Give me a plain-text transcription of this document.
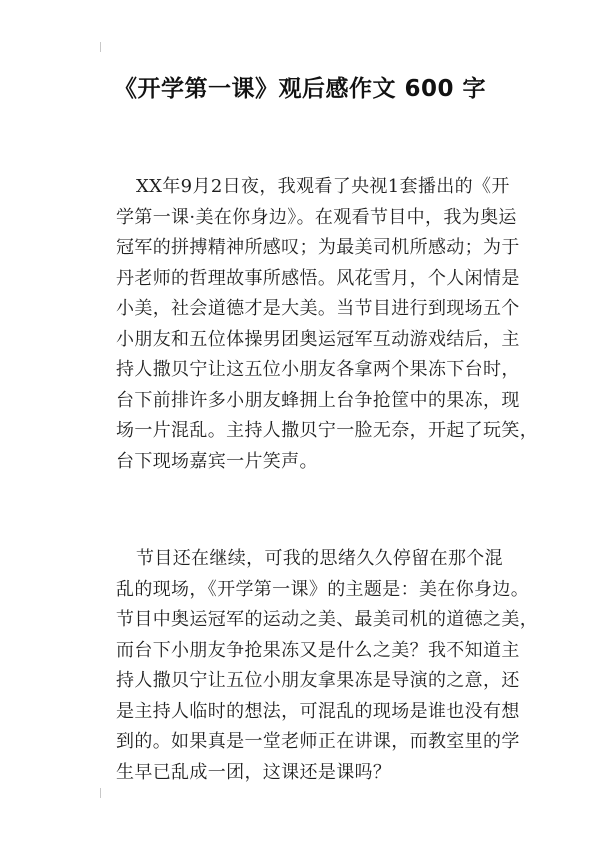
《开学第一课》观后感作文 600 字
XX年9月2日夜，我观看了央视1套播出的《开
学第一课·美在你身边》。在观看节目中，我为奥运
冠军的拼搏精神所感叹；为最美司机所感动；为于
丹老师的哲理故事所感悟。风花雪月，个人闲情是
小美，社会道德才是大美。当节目进行到现场五个
小朋友和五位体操男团奥运冠军互动游戏结后，主
持人撒贝宁让这五位小朋友各拿两个果冻下台时，
台下前排许多小朋友蜂拥上台争抢筐中的果冻，现
场一片混乱。主持人撒贝宁一脸无奈，开起了玩笑，
台下现场嘉宾一片笑声。
节目还在继续，可我的思绪久久停留在那个混
乱的现场，《开学第一课》的主题是：美在你身边。
节目中奥运冠军的运动之美、最美司机的道德之美，
而台下小朋友争抢果冻又是什么之美？我不知道主
持人撒贝宁让五位小朋友拿果冻是导演的之意，还
是主持人临时的想法，可混乱的现场是谁也没有想
到的。如果真是一堂老师正在讲课，而教室里的学
生早已乱成一团，这课还是课吗？
